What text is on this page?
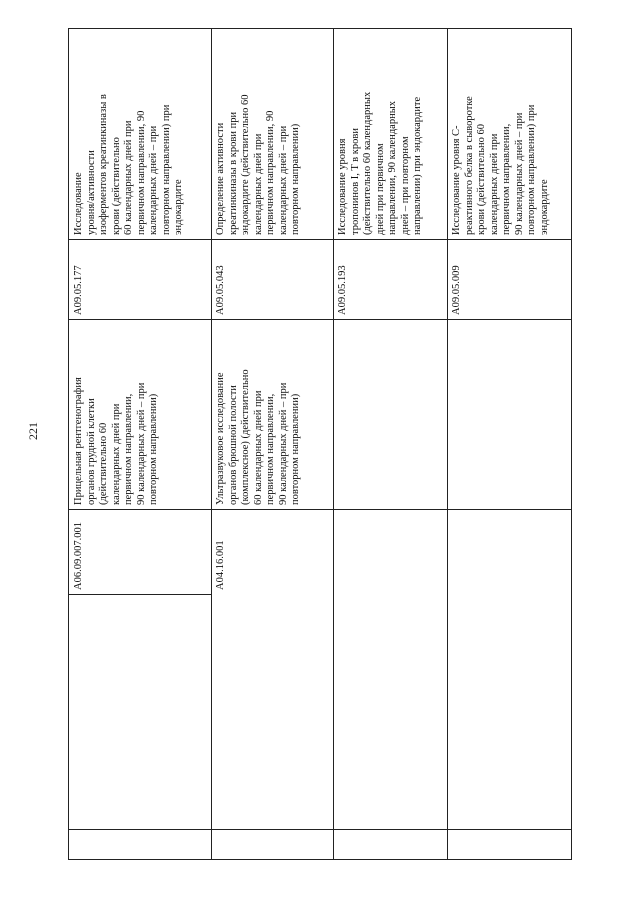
221
Исследование
уровня/активности
изоферментов креатинкиназы в
крови (действительно
60 календарных дней при
первичном направлении, 90
календарных дней – при
повторном направлении) при
эндокардите
A09.05.177
Прицельная рентгенография
органов грудной клетки
(действительно 60
календарных дней при
первичном направлении,
90 календарных дней – при
повторном направлении)
A06.09.007.001
Определение активности
креатинкиназы в крови при
эндокардите (действительно 60
календарных дней при
первичном направлении, 90
календарных дней – при
повторном направлении)
A09.05.043
Ультразвуковое исследование
органов брюшной полости
(комплексное) (действительно
60 календарных дней при
первичном направлении,
90 календарных дней – при
повторном направлении)
A04.16.001
Исследование уровня
тропонинов I, T в крови
(действительно 60 календарных
дней при первичном
направлении, 90 календарных
дней – при повторном
направлении) при эндокардите
A09.05.193
Исследование уровня С-
реактивного белка в сыворотке
крови (действительно 60
календарных дней при
первичном направлении,
90 календарных дней – при
повторном направлении) при
эндокардите
A09.05.009
